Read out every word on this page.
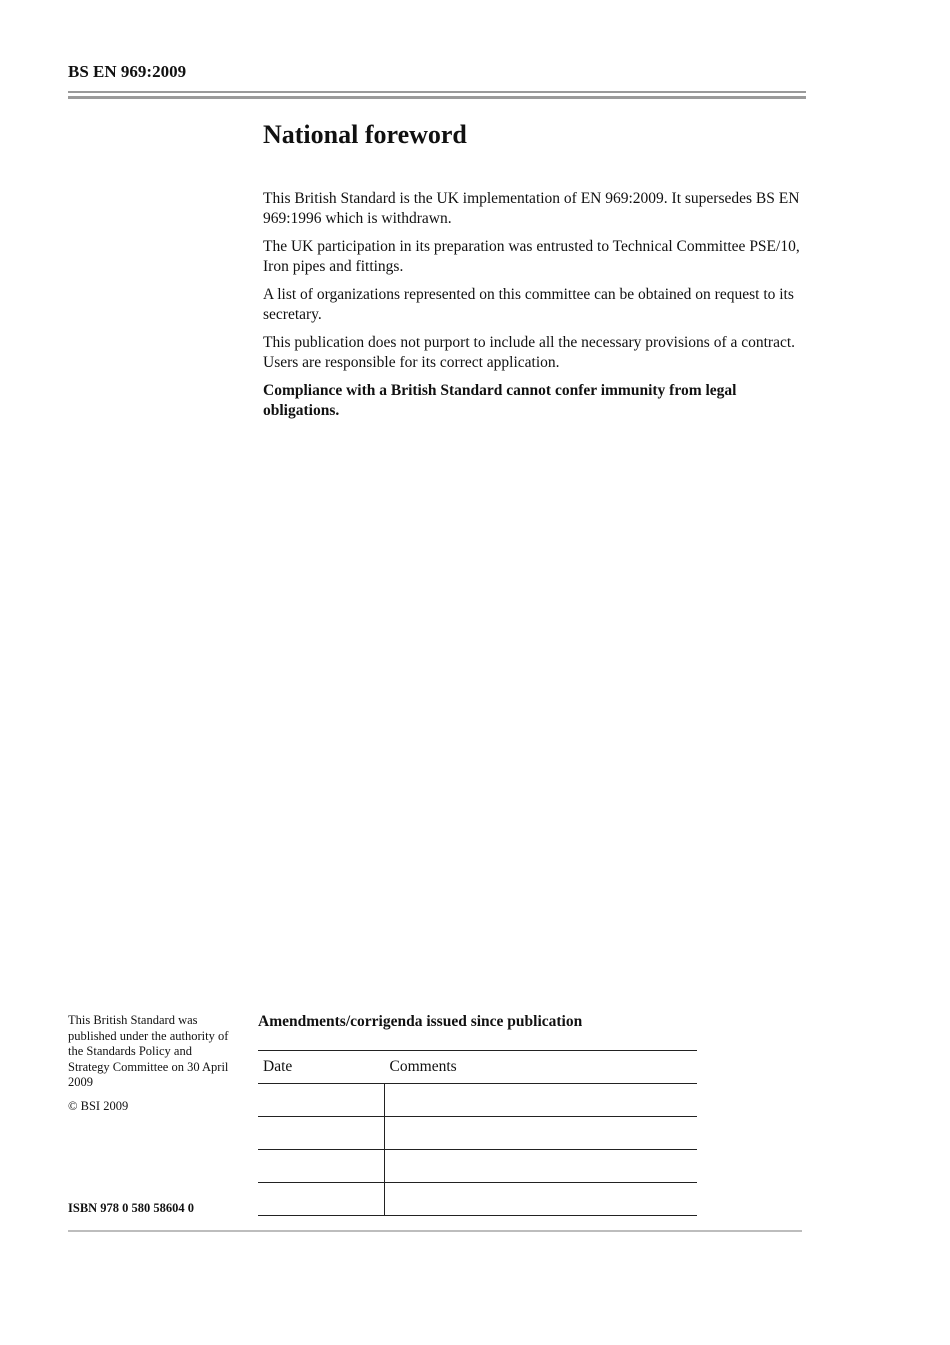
BS EN 969:2009
National foreword

This British Standard is the UK implementation of EN 969:2009. It supersedes BS EN 969:1996 which is withdrawn.

The UK participation in its preparation was entrusted to Technical Committee PSE/10, Iron pipes and fittings.

A list of organizations represented on this committee can be obtained on request to its secretary.

This publication does not purport to include all the necessary provisions of a contract. Users are responsible for its correct application.

Compliance with a British Standard cannot confer immunity from legal obligations.

This British Standard was published under the authority of the Standards Policy and Strategy Committee on 30 April 2009

© BSI 2009

ISBN 978 0 580 58604 0
Amendments/corrigenda issued since publication
Date	Comments
